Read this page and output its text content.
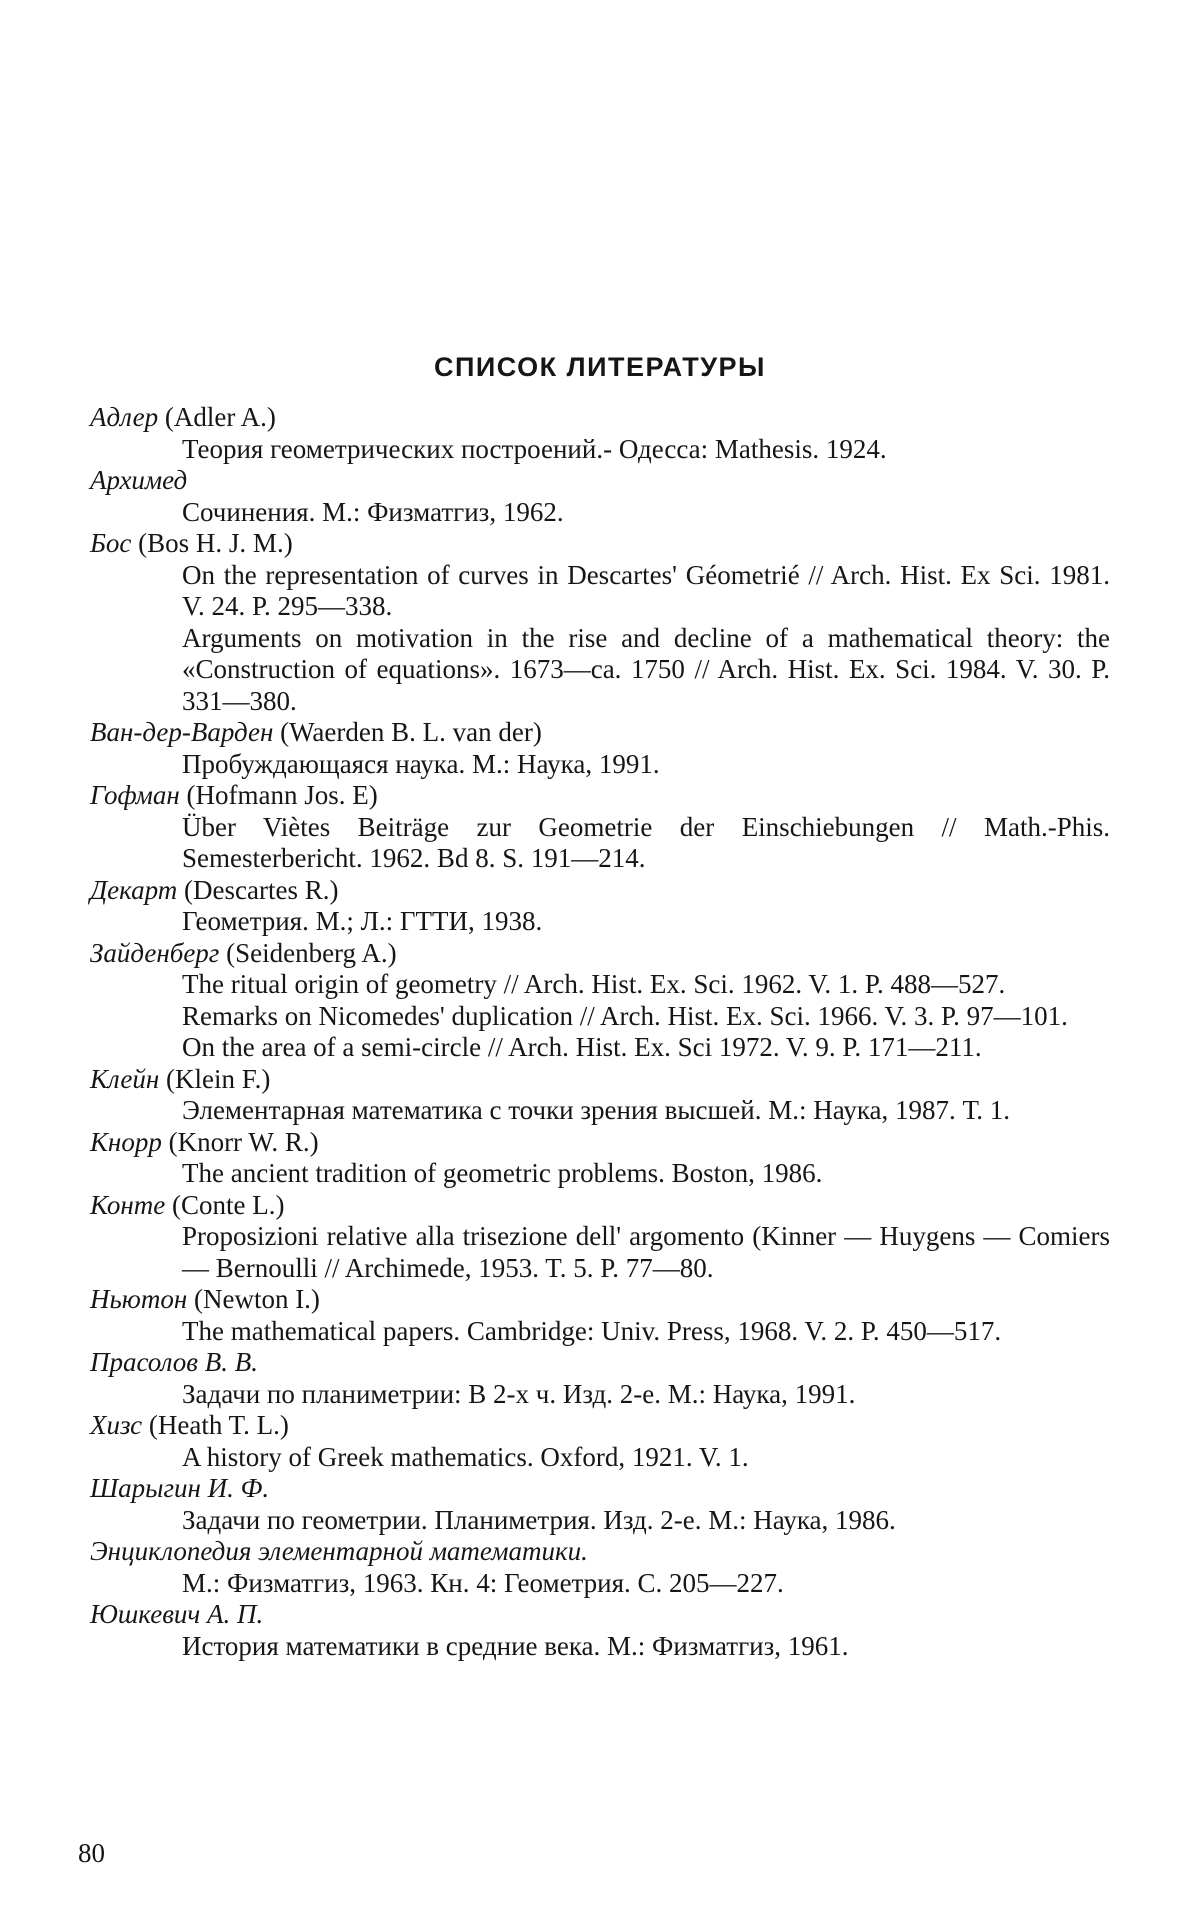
СПИСОК ЛИТЕРАТУРЫ
Адлер (Adler A.)
Теория геометрических построений.- Одесса: Mathesis. 1924.
Архимед
Сочинения. М.: Физматгиз, 1962.
Бос (Bos H. J. M.)
On the representation of curves in Descartes' Géometrié // Arch. Hist. Ex Sci. 1981. V. 24. P. 295—338.
Arguments on motivation in the rise and decline of a mathematical theory: the «Construction of equations». 1673—ca. 1750 // Arch. Hist. Ex. Sci. 1984. V. 30. P. 331—380.
Ван-дер-Варден (Waerden B. L. van der)
Пробуждающаяся наука. М.: Наука, 1991.
Гофман (Hofmann Jos. E)
Über Viètes Beiträge zur Geometrie der Einschiebungen // Math.-Phis. Semesterbericht. 1962. Bd 8. S. 191—214.
Декарт (Descartes R.)
Геометрия. М.; Л.: ГТТИ, 1938.
Зайденберг (Seidenberg A.)
The ritual origin of geometry // Arch. Hist. Ex. Sci. 1962. V. 1. P. 488—527.
Remarks on Nicomedes' duplication // Arch. Hist. Ex. Sci. 1966. V. 3. P. 97—101.
On the area of a semi-circle // Arch. Hist. Ex. Sci 1972. V. 9. P. 171—211.
Клейн (Klein F.)
Элементарная математика с точки зрения высшей. М.: Наука, 1987. Т. 1.
Кнорр (Knorr W. R.)
The ancient tradition of geometric problems. Boston, 1986.
Конте (Conte L.)
Proposizioni relative alla trisezione dell' argomento (Kinner — Huygens — Comiers — Bernoulli // Archimede, 1953. T. 5. P. 77—80.
Ньютон (Newton I.)
The mathematical papers. Cambridge: Univ. Press, 1968. V. 2. P. 450—517.
Прасолов В. В.
Задачи по планиметрии: В 2-х ч. Изд. 2-е. М.: Наука, 1991.
Хизс (Heath T. L.)
A history of Greek mathematics. Oxford, 1921. V. 1.
Шарыгин И. Ф.
Задачи по геометрии. Планиметрия. Изд. 2-е. М.: Наука, 1986.
Энциклопедия элементарной математики.
М.: Физматгиз, 1963. Кн. 4: Геометрия. С. 205—227.
Юшкевич А. П.
История математики в средние века. М.: Физматгиз, 1961.
80
